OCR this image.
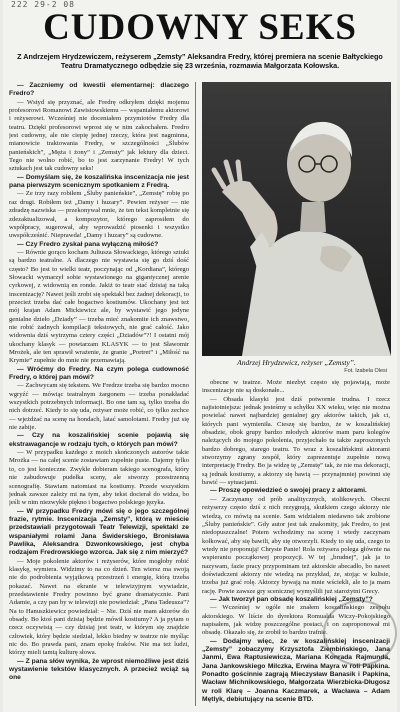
222 29-2 08
CUDOWNY SEKS
Z Andrzejem Hrydzewiczem, reżyserem „Zemsty” Aleksandra Fredry, której premiera na scenie Bałtyckiego Teatru Dramatycznego odbędzie się 23 września, rozmawia Małgorzata Kołowska.

— Zaczniemy od kwestii elementarnej: dlaczego Fredro?

— Wstyd się przyznać, ale Fredrę odkryłem dzięki mojemu profesorowi Romanowi Zawistowskiemu — wspaniałemu aktorowi i reżyserowi. Wcześniej nie doceniałem przymiotów Fredry dla teatru. Dzięki profesorowi wprost się w nim zakochałem. Fredro jest cudowny, ale nie ciepię jednej rzeczy, która jest nagminna, mianowicie traktowania Fredry, w szczególności „Ślubów panieńskich”, „Męża i żony” i „Zemsty” jak lektury dla dzieci. Tego nie wolno robić, bo to jest zarzynanie Fredry! W tych sztukach jest tak cudowny seks!

— Domyślam się, że koszalińska inscenizacja nie jest pana pierwszym scenicznym spotkaniem z Fredrą.

— Ze trzy razy robiłem „Śluby panieńskie”, „Zemstę” robię po raz drugi. Robiłem też „Damy i huzary”. Pewien reżyser — nie zdradzę nazwiska — przekonywał mnie, że ten tekst kompletnie się zdezaktualizował, a kompozytor, którego zaprosiłem do współpracy, sugerował, aby wprowadzić piosenki i wszystko uwspółcześnić. Nieprawda! „Damy i huzary” są cudowne.

— Czy Fredro zyskał pana wyłączną miłość?

— Równie gorąco kocham Juliusza Słowackiego, którego sztuki są bardzo teatralne. A dlaczego nie wystawia się go dziś dość często? Bo jest to wielki teatr, poczynając od „Kordiana”, którego Słowacki wymarzył sobie wystawionego na gigantycznej arenie cyrkowej, z widownią en ronde. Jakiż to teatr stać dzisiaj na taką inscenizację? Nawet jeśli zrobi się spektakl bez żadnej dekoracji, to przecież trzeba dać całe bogactwo kostiumów. Ukochany jest też mój krajan Adam Mickiewicz ale, by wystawić jego jedyne genialne dzieło „Dziady” — trzeba mieć znakomite ich znawstwo, nie robić żadnych kompilacji tekstowych, nie grać całość. Jako widownia dziś wytrzyma cztery części „Dziadów”?! I ostatni mój ukochany klasyk — powtarzam KLASYK — to jest Sławomir Mrożek, ale ten sprawił wrażenie, że granie „Portret” i „Miłość na Krymie” zupełnie do mnie nie przemawiają.

— Wróćmy do Fredry. Na czym polega cudowność Fredry, o której pan mówi?

— Zachwycam się tekstem. We Fredrze trzeba się bardzo mocno wgryźć — mówiąc teatralnym żargonem — trzeba ponakładać wszystkich potrzebnych informacji. Bo one tam są, tylko trzeba do nich dotrzeć. Kiedy to się uda, reżyser może robić, co tylko zechce — wjeżdżać na scenę na hondach, latać samolotami. Fredry już się nie zabije.

— Czy na koszalińskiej scenie pojawią się ekstrawagancje w rodzaju tych, o których pan mówi?

— W przypadku każdego z moich skończonych autorów takie Mrożka — na całej scenie zostawiam zupełnie puste. Dajemy tylko to, co jest konieczne. Zwykle dobieram takiego scenografa, który nie zabudowuje pudełka sceny, ale stworzy przestrzenną scenografię. Stawiam natomiast na kostiumy. Przede wszystkim jednak zawsze zależy mi na tym, aby tekst docierał do widza, bo jeśli w nim niezwykłe piękno i bogactwo polskiego języka.

— W przypadku Fredry mówi się o jego szczególnej frazie, rytmie. Inscenizacja „Zemsty”, którą w mieście przedstawiali przygotowali Teatr Telewizji, spektakl ze wspaniałymi rolami Jana Świderskiego, Bronisława Pawlika, Aleksandra Dzwonkowskiego, jest chyba rodzajem Fredrowskiego wzorca. Jak się z nim mierzyć?

— Moje pokolenie aktorów i reżyserów, które mogłoby robić klasykę, wymiera. Widzimy to na co dzień. Ten wiersz ma swoją nie do podrobienia wyjątkową przestrzeń i energię, którą trzeba pokazać. Nawet na ekranie w telewizyjnym wywiadzie, przedstawienie Fredry powinno być grane dramatycznie. Pani Adamie, a czy pan by w telewizji nie powiedział: „Pana Tadeusza”? Na to Hanuszkiewicz powiedział: – Nie. Dziś nie mam aktorów do obsady. Bo ktoś pani dzisiaj będzie mówił kostiumy? A ja pytam o rzecz oczywistą — czy dzisiaj jest teatr, w którym się znajdzie człowiek, który będzie siedział, lekko biedny w teatrze nie myśląc nic do. Bo prawda pani, znam epokę fraków. Nie ma też ludzi, którzy mieli tamtą kulturę słowa.

— Z pana słów wynika, że wprost niemożliwe jest dziś wystawienie tekstów klasycznych. A przecież wciąż są one

Andrzej Hrydzewicz, reżyser „Zemsty”.
Fot. Izabela Olesi

obecne w teatrze. Może niezbyt często się pojawiają, może inscenizacje nie są doskonałe...

— Obsada klasyki jest dziś potwornie trudna. I rzecz najistotniejsza: jednak jesteśmy u schyłku XX wieku, więc nie można powielać nawet najbardziej genialnej gry aktorów takich, jak ci, których pani wymieniła. Cieszę się bardzo, że w koszalińskiej obsadzie, obok grupy bardzo młodych aktorów mam paru kolegów należących do mojego pokolenia, przyjechało tu także zaproszonych bardzo dobrego, starego teatru. To wraz z koszalińskimi aktorami stworzymy zgrany zespół, który zaprezentuje zupełnie nową interpretację Fredry. Bo ja widzę tę „Zemstę” tak, że nie ma dekoracji, są jednak kostiumy, a aktorzy się bawią — przynajmniej powinni się bawić — sytuacjami.

— Proszę opowiedzieć o swojej pracy z aktorami.

— Zaczynamy od prób analitycznych, stolikowych. Obecni reżyserzy często dziś z nich rezygnują, skutkiem czego aktorzy nie wiedzą, co mówią na scenie. Sam widziałem niedawno tak zrobione „Śluby panieńskie”. Gdy autor jest tak znakomity, jak Fredro, to jest niedopuszczalne! Potem wchodzimy na scenę i wtedy zaczynam kołkować, aby się bawili, aby się otworzyli. Kiedy to się uda, czego to wtedy nie proponują! Chryste Panie! Rola reżysera polega głównie na wspieraniu początkowej propozycji. W tej „brudnej”, jak ja to nazywam, fazie pracy przypominam też aktorskie abecadło, bo nawet doświadczeni aktorzy nie wiedzą na przykład, że, stojąc w kulisie, trzeba już grać rolę. Aktorzy bywają na mnie wściekli, ale to ja mam rację. Powie zawsze gry scenicznej wymyślili już starożytni Grecy.

— Jak tworzył pan obsadę koszalińskiej „Zemsty”?

— Wcześniej w ogóle nie znałem koszalińskiego zespołu aktorskiego. W liście do dyrektora Romualda Wiczy-Pokojskiego napisałem, jak widzę poszczególne postaci, i on zaproponował mi obsadę. Okazało się, że zrobił to bardzo trafnie.

— Dodajmy więc, że w koszalińskiej inscenizacji „Zemsty” zobaczymy Krzysztofa Ziembińskiego, Jana Janmi, Ewa Raptusiewicza, Mariana Konrada Rajmunda, Jana Jankowskiego Milczka, Erwina Mayra w roli Papkina. Ponadto gościnnie zagrają Mieczysław Banasik i Papkina, Wacław Michnikowskiego, Małgorzata Wierzbicka-Długosz w roli Klarę – Joanna Kaczmarek, a Wacława – Adam Mętlyk, debiutujący na scenie BTD.
